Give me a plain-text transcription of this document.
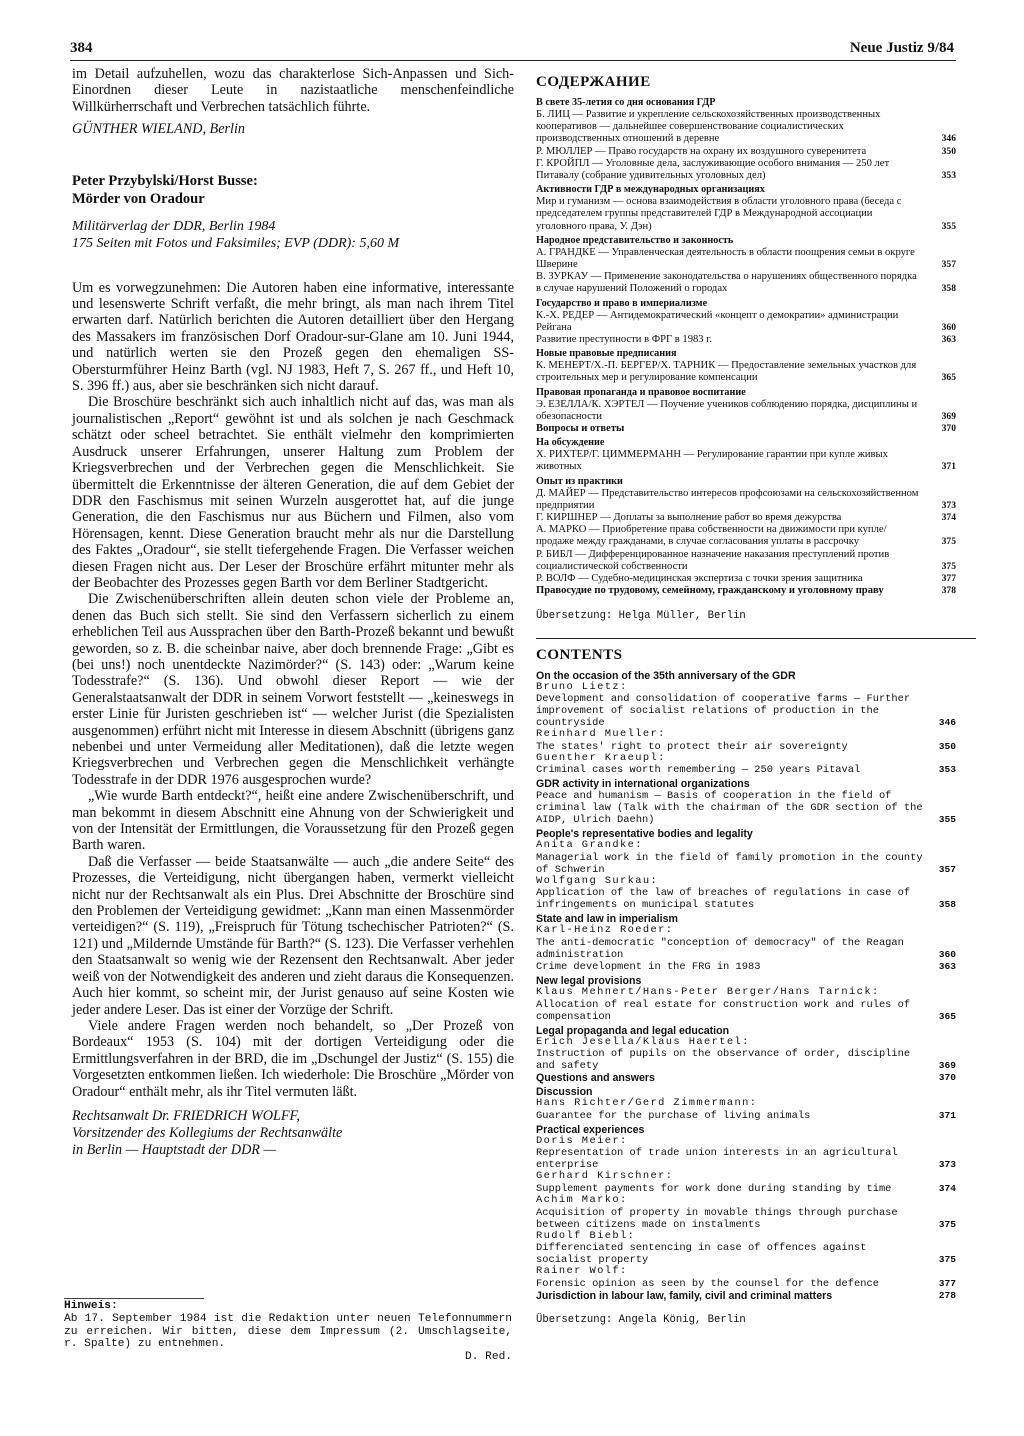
384	Neue Justiz 9/84

im Detail aufzuhellen, wozu das charakterlose Sich-Anpassen und Sich-Einordnen dieser Leute in nazistaatliche menschenfeindliche Willkürherrschaft und Verbrechen tatsächlich führte.

GÜNTHER WIELAND, Berlin

Peter Przybylski/Horst Busse:
Mörder von Oradour
Militärverlag der DDR, Berlin 1984
175 Seiten mit Fotos und Faksimiles; EVP (DDR): 5,60 M

Um es vorwegzunehmen: Die Autoren haben eine informative, interessante und lesenswerte Schrift verfaßt, die mehr bringt, als man nach ihrem Titel erwarten darf. Natürlich berichten die Autoren detailliert über den Hergang des Massakers im französischen Dorf Oradour-sur-Glane am 10. Juni 1944, und natürlich werten sie den Prozeß gegen den ehemaligen SS-Obersturmführer Heinz Barth (vgl. NJ 1983, Heft 7, S. 267 ff., und Heft 10, S. 396 ff.) aus, aber sie beschränken sich nicht darauf.

Die Broschüre beschränkt sich auch inhaltlich nicht auf das, was man als journalistischen „Report“ gewöhnt ist und als solchen je nach Geschmack schätzt oder scheel betrachtet. Sie enthält vielmehr den komprimierten Ausdruck unserer Erfahrungen, unserer Haltung zum Problem der Kriegsverbrechen und der Verbrechen gegen die Menschlichkeit. Sie übermittelt die Erkenntnisse der älteren Generation, die auf dem Gebiet der DDR den Faschismus mit seinen Wurzeln ausgerottet hat, auf die junge Generation, die den Faschismus nur aus Büchern und Filmen, also vom Hörensagen, kennt. Diese Generation braucht mehr als nur die Darstellung des Faktes „Oradour“, sie stellt tiefergehende Fragen. Die Verfasser weichen diesen Fragen nicht aus. Der Leser der Broschüre erfährt mitunter mehr als der Beobachter des Prozesses gegen Barth vor dem Berliner Stadtgericht.

Die Zwischenüberschriften allein deuten schon viele der Probleme an, denen das Buch sich stellt. Sie sind den Verfassern sicherlich zu einem erheblichen Teil aus Aussprachen über den Barth-Prozeß bekannt und bewußt geworden, so z. B. die scheinbar naive, aber doch brennende Frage: „Gibt es (bei uns!) noch unentdeckte Nazimörder?“ (S. 143) oder: „Warum keine Todesstrafe?“ (S. 136). Und obwohl dieser Report — wie der Generalstaatsanwalt der DDR in seinem Vorwort feststellt — „keineswegs in erster Linie für Juristen geschrieben ist“ — welcher Jurist (die Spezialisten ausgenommen) erführt nicht mit Interesse in diesem Abschnitt (übrigens ganz nebenbei und unter Vermeidung aller Meditationen), daß die letzte wegen Kriegsverbrechen und Verbrechen gegen die Menschlichkeit verhängte Todesstrafe in der DDR 1976 ausgesprochen wurde?

„Wie wurde Barth entdeckt?“, heißt eine andere Zwischenüberschrift, und man bekommt in diesem Abschnitt eine Ahnung von der Schwierigkeit und von der Intensität der Ermittlungen, die Voraussetzung für den Prozeß gegen Barth waren.

Daß die Verfasser — beide Staatsanwälte — auch „die andere Seite“ des Prozesses, die Verteidigung, nicht übergangen haben, vermerkt vielleicht nicht nur der Rechtsanwalt als ein Plus. Drei Abschnitte der Broschüre sind den Problemen der Verteidigung gewidmet: „Kann man einen Massenmörder verteidigen?“ (S. 119), „Freispruch für Tötung tschechischer Patrioten?“ (S. 121) und „Mildernde Umstände für Barth?“ (S. 123). Die Verfasser verhehlen den Staatsanwalt so wenig wie der Rezensent den Rechtsanwalt. Aber jeder weiß von der Notwendigkeit des anderen und zieht daraus die Konsequenzen. Auch hier kommt, so scheint mir, der Jurist genauso auf seine Kosten wie jeder andere Leser. Das ist einer der Vorzüge der Schrift.

Viele andere Fragen werden noch behandelt, so „Der Prozeß von Bordeaux“ 1953 (S. 104) mit der dortigen Verteidigung oder die Ermittlungsverfahren in der BRD, die im „Dschungel der Justiz“ (S. 155) die Vorgesetzten entkommen ließen. Ich wiederhole: Die Broschüre „Mörder von Oradour“ enthält mehr, als ihr Titel vermuten läßt.

Rechtsanwalt Dr. FRIEDRICH WOLFF,
Vorsitzender des Kollegiums der Rechtsanwälte
in Berlin — Hauptstadt der DDR —
Hinweis:
Ab 17. September 1984 ist die Redaktion unter neuen Telefonnummern zu erreichen. Wir bitten, diese dem Impressum (2. Umschlagseite, r. Spalte) zu entnehmen.
D. Red.
СОДЕРЖАНИЕ
В свете 35-летия со дня основания ГДР
Б. ЛИЦ — Развитие и укрепление сельскохозяйственных производственных кооперативов — дальнейшее совершенствование социалистических производственных отношений в деревне	346
Р. МЮЛЛЕР — Право государств на охрану их воздушного суверенитета	350
Г. КРОЙПЛ — Уголовные дела, заслуживающие особого внимания — 250 лет Питавалу (собрание удивительных уголовных дел)	353
Активности ГДР в международных организациях
Мир и гуманизм — основа взаимодействия в области уголовного права (беседа с председателем группы представителей ГДР в Международной ассоциации уголовного права, У. Дэн)	355
Народное представительство и законность
А. ГРАНДКЕ — Управленческая деятельность в области поощрения семьи в округе Шверине	357
В. ЗУРКАУ — Применение законодательства о нарушениях общественного порядка в случае нарушений Положений о городах	358
Государство и право в империализме
К.-Х. РЕДЕР — Антидемократический «концепт о демократии» администрации Рейгана	360
Развитие преступности в ФРГ в 1983 г.	363
Новые правовые предписания
К. МЕНЕРТ/Х.-П. БЕРГЕР/Х. ТАРНИК — Предоставление земельных участков для строительных мер и регулирование компенсации	365
Правовая пропаганда и правовое воспитание
Э. ЕЗЕЛЛА/К. ХЭРТЕЛ — Поучение учеников соблюдению порядка, дисциплины и обезопасности	369
Вопросы и ответы	370
На обсуждение
Х. РИХТЕР/Г. ЦИММЕРМАНН — Регулирование гарантии при купле живых животных	371
Опыт из практики
Д. МАЙЕР — Представительство интересов профсоюзами на сельскохозяйственном предприятии	373
Г. КИРШНЕР — Доплаты за выполнение работ во время дежурства	374
А. МАРКО — Приобретение права собственности на движимости при купле/продаже между гражданами, в случае согласования уплаты в рассрочку	375
Р. БИБЛ — Дифференцированное назначение наказания преступлений против социалистической собственности	375
Р. ВОЛФ — Судебно-медицинская экспертиза с точки зрения защитника	377
Правосудие по трудовому, семейному, гражданскому и уголовному праву	378
Übersetzung: Helga Müller, Berlin
CONTENTS
On the occasion of the 35th anniversary of the GDR
Bruno Lietz:
Development and consolidation of cooperative farms — Further improvement of socialist relations of production in the countryside	346
Reinhard Mueller:
The states' right to protect their air sovereignty	350
Guenther Kraeupl:
Criminal cases worth remembering — 250 years Pitaval	353
GDR activity in international organizations
Peace and humanism — Basis of cooperation in the field of criminal law (Talk with the chairman of the GDR section of the AIDP, Ulrich Daehn)	355
People's representative bodies and legality
Anita Grandke:
Managerial work in the field of family promotion in the county of Schwerin	357
Wolfgang Surkau:
Application of the law of breaches of regulations in case of infringements on municipal statutes	358
State and law in imperialism
Karl-Heinz Roeder:
The anti-democratic "conception of democracy" of the Reagan administration	360
Crime development in the FRG in 1983	363
New legal provisions
Klaus Mehnert/Hans-Peter Berger/Hans Tarnick:
Allocation of real estate for construction work and rules of compensation	365
Legal propaganda and legal education
Erich Jesella/Klaus Haertel:
Instruction of pupils on the observance of order, discipline and safety	369
Questions and answers	370
Discussion
Hans Richter/Gerd Zimmermann:
Guarantee for the purchase of living animals	371
Practical experiences
Doris Meier:
Representation of trade union interests in an agricultural enterprise	373
Gerhard Kirschner:
Supplement payments for work done during standing by time	374
Achim Marko:
Acquisition of property in movable things through purchase between citizens made on instalments	375
Rudolf Biebl:
Differenciated sentencing in case of offences against socialist property	375
Rainer Wolf:
Forensic opinion as seen by the counsel for the defence	377
Jurisdiction in labour law, family, civil and criminal matters	278
Übersetzung: Angela König, Berlin
